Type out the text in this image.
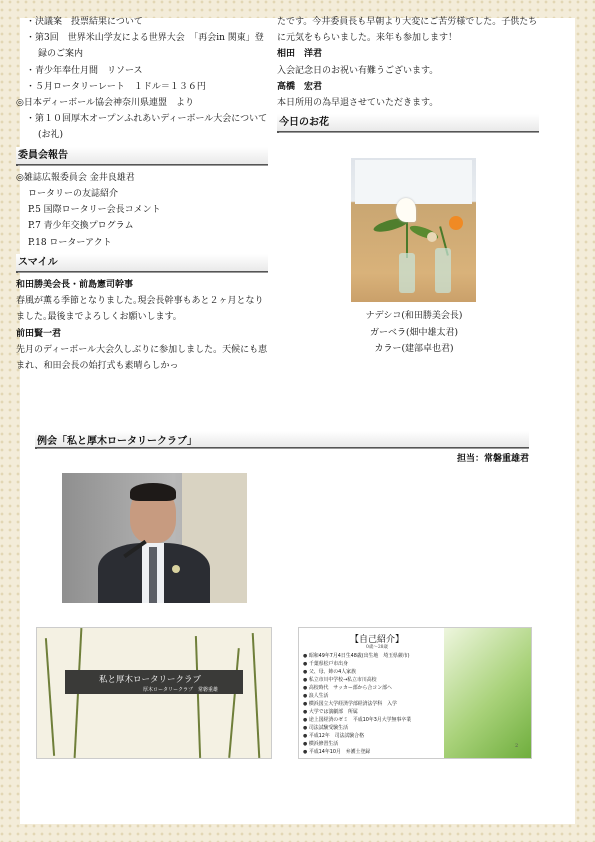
・決議案　投票結果について
・第3回　世界米山学友による世界大会　「再会in 関東」登録のご案内
・青少年奉仕月間　リソース
・５月ロータリーレート　１ドル＝１３６円
◎日本ディーボール協会神奈川県連盟　より
・第１０回厚木オープンふれあいディーボール大会について(お礼)
委員会報告
◎雑誌広報委員会 金井良雄君
ロータリーの友誌紹介
P.5 国際ロータリー会長コメント
P.7 青少年交換プログラム
P.18 ローターアクト
スマイル
和田勝美会長・前島憲司幹事
春風が薫る季節となりました｡現会長幹事もあと２ヶ月となりました｡最後までよろしくお願いします。
前田賢一君
先月のディーボール大会久しぶりに参加しました。天候にも恵まれ、和田会長の始打式も素晴らしかっ
たです。今井委員長も早朝より大変にご苦労様でした。子供たちに元気をもらいました。来年も参加します！
相田　洋君
入会記念日のお祝い有難うございます。
高橋　宏君
本日所用の為早退させていただきます。
今日のお花
ナデシコ(和田勝美会長)
ガーベラ(畑中雄太君)
カラー(建部卓也君)
例会「私と厚木ロータリークラブ」
担当：常磐重雄君
私と厚木ロータリークラブ
厚木ロータリークラブ　常磐重雄
【自己紹介】
0歳～28歳
● 昭和49年7月4日生48歳(出生地　埼玉県蕨市)
● 千葉県松戸市出身
● 父、母、姉の4人家族
● 私立市川中学校→私立市川高校
● 高校時代　サッカー部から合コン部へ
● 浪人生活
● 横浜国立大学経済学部経済法学科　入学
● 大学では演劇部　所属
● 途上国経済のゼミ　平成10年3月大学無事卒業
● 司法試験受験生活
● 平成12年　司法試験合格
● 横浜修習生活
● 平成14年10月　弁護士登録
2
